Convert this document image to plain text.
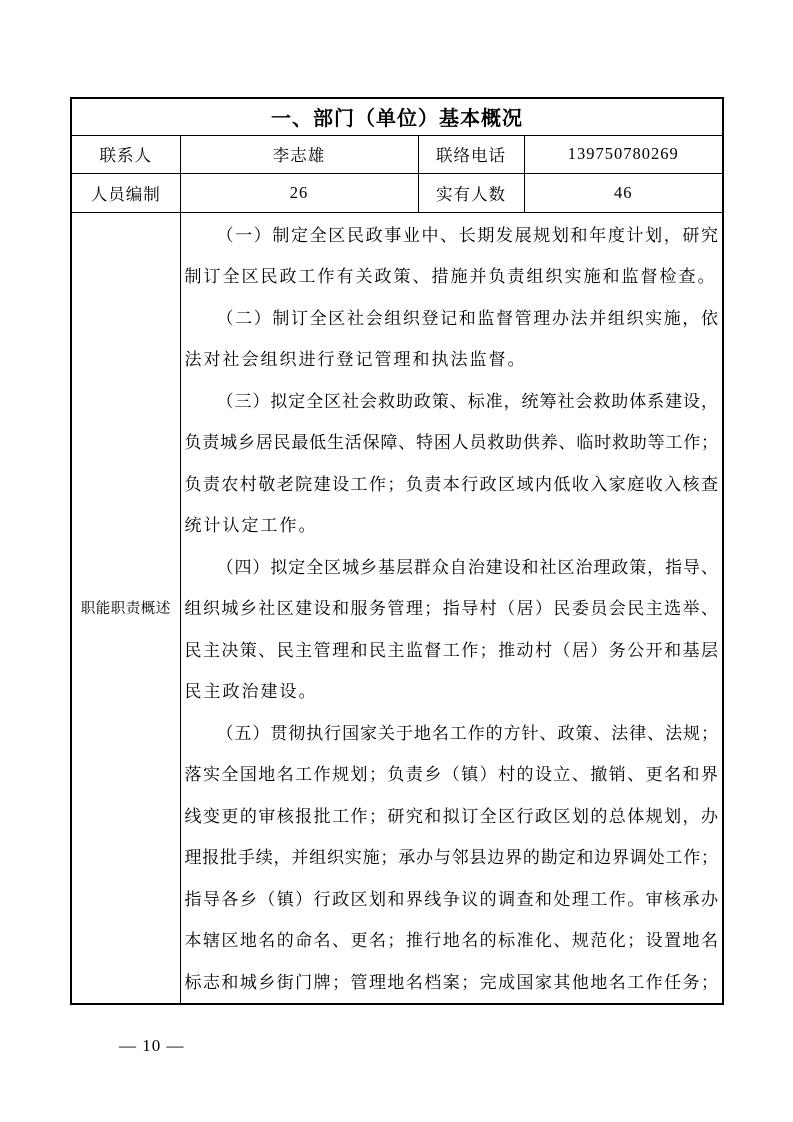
一、部门（单位）基本概况			
联系人	李志雄	联络电话	139750780269
人员编制	26	实有人数	46
职能职责概述	
（一）制定全区民政事业中、长期发展规划和年度计划，研究
制订全区民政工作有关政策、措施并负责组织实施和监督检查。
（二）制订全区社会组织登记和监督管理办法并组织实施，依
法对社会组织进行登记管理和执法监督。
（三）拟定全区社会救助政策、标准，统筹社会救助体系建设，
负责城乡居民最低生活保障、特困人员救助供养、临时救助等工作；
负责农村敬老院建设工作；负责本行政区域内低收入家庭收入核查
统计认定工作。
（四）拟定全区城乡基层群众自治建设和社区治理政策，指导、
组织城乡社区建设和服务管理；指导村（居）民委员会民主选举、
民主决策、民主管理和民主监督工作；推动村（居）务公开和基层
民主政治建设。
（五）贯彻执行国家关于地名工作的方针、政策、法律、法规；
落实全国地名工作规划；负责乡（镇）村的设立、撤销、更名和界
线变更的审核报批工作；研究和拟订全区行政区划的总体规划，办
理报批手续，并组织实施；承办与邻县边界的勘定和边界调处工作；
指导各乡（镇）行政区划和界线争议的调查和处理工作。审核承办
本辖区地名的命名、更名；推行地名的标准化、规范化；设置地名
标志和城乡街门牌；管理地名档案；完成国家其他地名工作任务；
— 10 —
